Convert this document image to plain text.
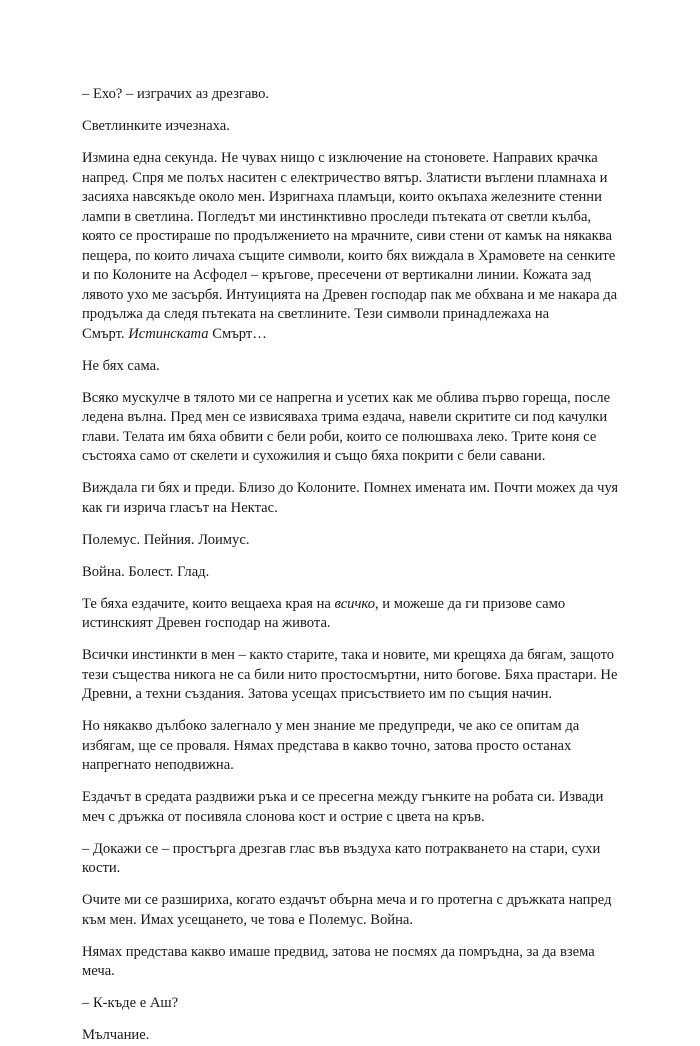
– Ехо? – изграчих аз дрезгаво.

Светлинките изчезнаха.

Измина една секунда. Не чувах нищо с изключение на стоновете. Направих крачка напред. Спря ме полъх наситен с електричество вятър. Златисти въглени пламнаха и засияха навсякъде около мен. Изригнаха пламъци, които окъпаха железните стенни лампи в светлина. Погледът ми инстинктивно проследи пътеката от светли кълба, която се простираше по продължението на мрачните, сиви стени от камък на някаква пещера, по които личаха същите символи, които бях виждала в Храмовете на сенките и по Колоните на Асфодел – кръгове, пресечени от вертикални линии. Кожата зад лявото ухо ме засърбя. Интуицията на Древен господар пак ме обхвана и ме накара да продължа да следя пътеката на светлините. Тези символи принадлежаха на
Смърт. Истинската Смърт…

Не бях сама.

Всяко мускулче в тялото ми се напрегна и усетих как ме облива първо гореща, после ледена вълна. Пред мен се извисяваха трима ездача, навели скритите си под качулки глави. Телата им бяха обвити с бели роби, които се полюшваха леко. Трите коня се състояха само от скелети и сухожилия и също бяха покрити с бели савани.

Виждала ги бях и преди. Близо до Колоните. Помнех имената им. Почти можех да чуя как ги изрича гласът на Нектас.

Полемус. Пейния. Лоимус.

Война. Болест. Глад.

Те бяха ездачите, които вещаеха края на всичко, и можеше да ги призове само истинският Древен господар на живота.

Всички инстинкти в мен – както старите, така и новите, ми крещяха да бягам, защото тези същества никога не са били нито простосмъртни, нито богове. Бяха прастари. Не Древни, а техни създания. Затова усещах присъствието им по същия начин.

Но някакво дълбоко залегнало у мен знание ме предупреди, че ако се опитам да избягам, ще се проваля. Нямах представа в какво точно, затова просто останах напрегнато неподвижна.

Ездачът в средата раздвижи ръка и се пресегна между гънките на робата си. Извади меч с дръжка от посивяла слонова кост и острие с цвета на кръв.

– Докажи се – простърга дрезгав глас във въздуха като потракването на стари, сухи кости.

Очите ми се разшириха, когато ездачът обърна меча и го протегна с дръжката напред към мен. Имах усещането, че това е Полемус. Война.

Нямах представа какво имаше предвид, затова не посмях да помръдна, за да взема меча.

– К-къде е Аш?

Мълчание.
